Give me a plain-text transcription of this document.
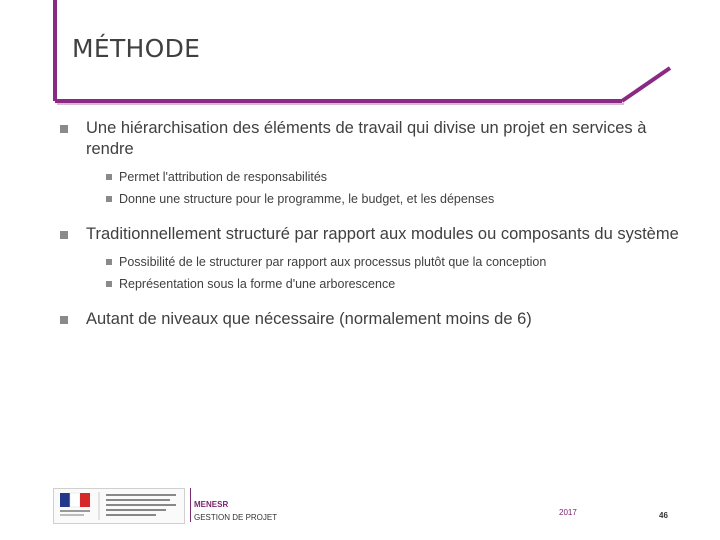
MÉTHODE
Une hiérarchisation des éléments de travail qui divise un projet en services à rendre
Permet l'attribution de responsabilités
Donne une structure pour le programme, le budget, et les dépenses
Traditionnellement structuré par rapport aux modules ou composants du système
Possibilité de le structurer par rapport aux processus plutôt que la conception
Représentation sous la forme d'une arborescence
Autant de niveaux que nécessaire (normalement moins de 6)
MENESR
GESTION DE PROJET
2017	46
